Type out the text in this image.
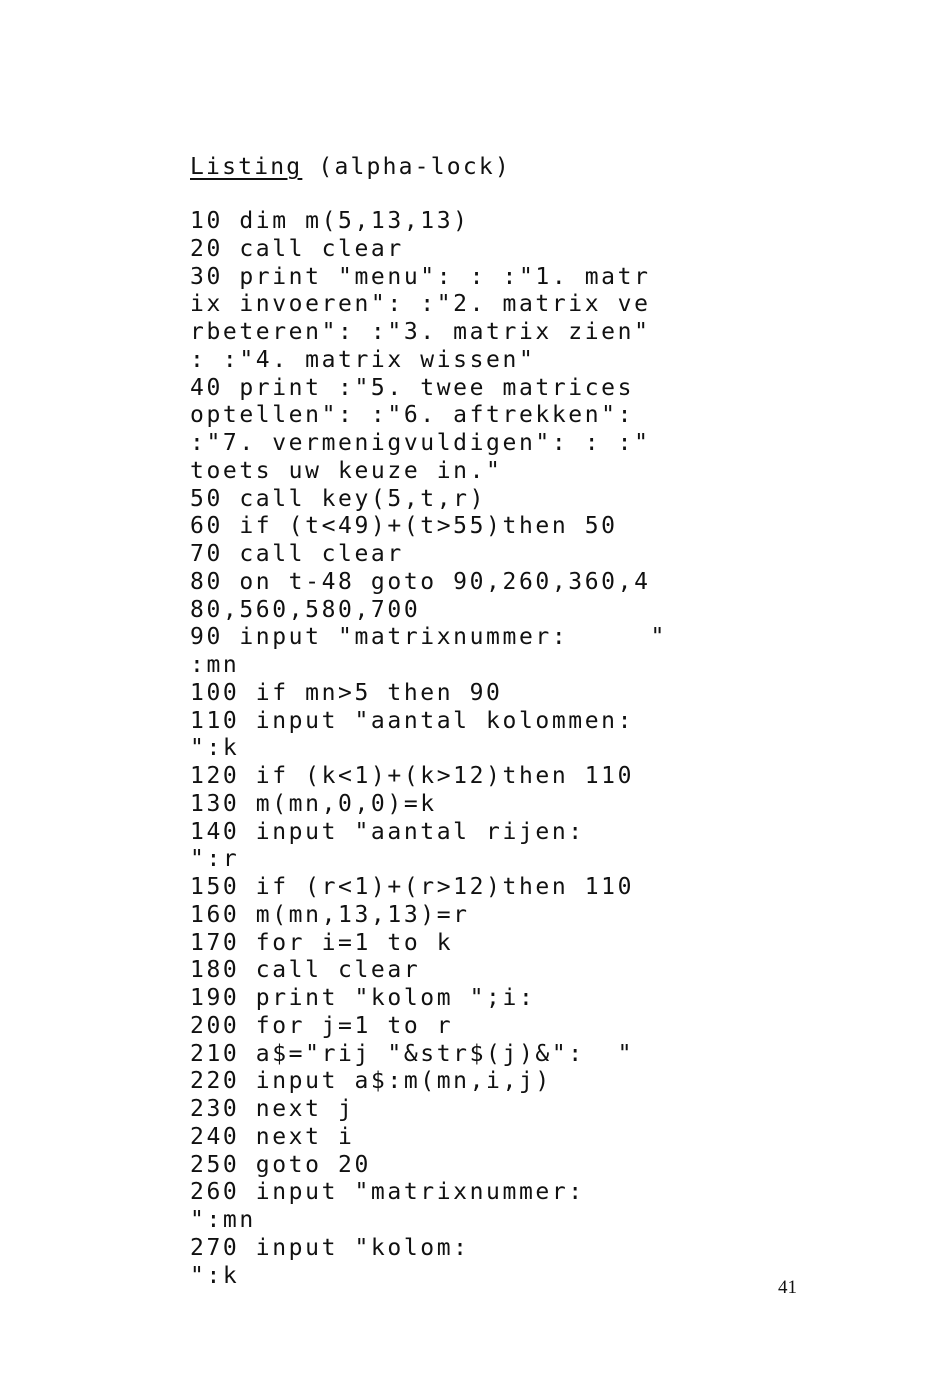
Listing (alpha-lock)
10 dim m(5,13,13)
20 call clear
30 print "menu": : :"1. matr
ix invoeren": :"2. matrix ve
rbeteren": :"3. matrix zien"
: :"4. matrix wissen"
40 print :"5. twee matrices
optellen": :"6. aftrekken":
:"7. vermenigvuldigen": : :"
toets uw keuze in."
50 call key(5,t,r)
60 if (t<49)+(t>55)then 50
70 call clear
80 on t-48 goto 90,260,360,4
80,560,580,700
90 input "matrixnummer:     "
:mn
100 if mn>5 then 90
110 input "aantal kolommen:
":k
120 if (k<1)+(k>12)then 110
130 m(mn,0,0)=k
140 input "aantal rijen:
":r
150 if (r<1)+(r>12)then 110
160 m(mn,13,13)=r
170 for i=1 to k
180 call clear
190 print "kolom ";i:
200 for j=1 to r
210 a$="rij "&str$(j)&":  "
220 input a$:m(mn,i,j)
230 next j
240 next i
250 goto 20
260 input "matrixnummer:
":mn
270 input "kolom:
":k	41
